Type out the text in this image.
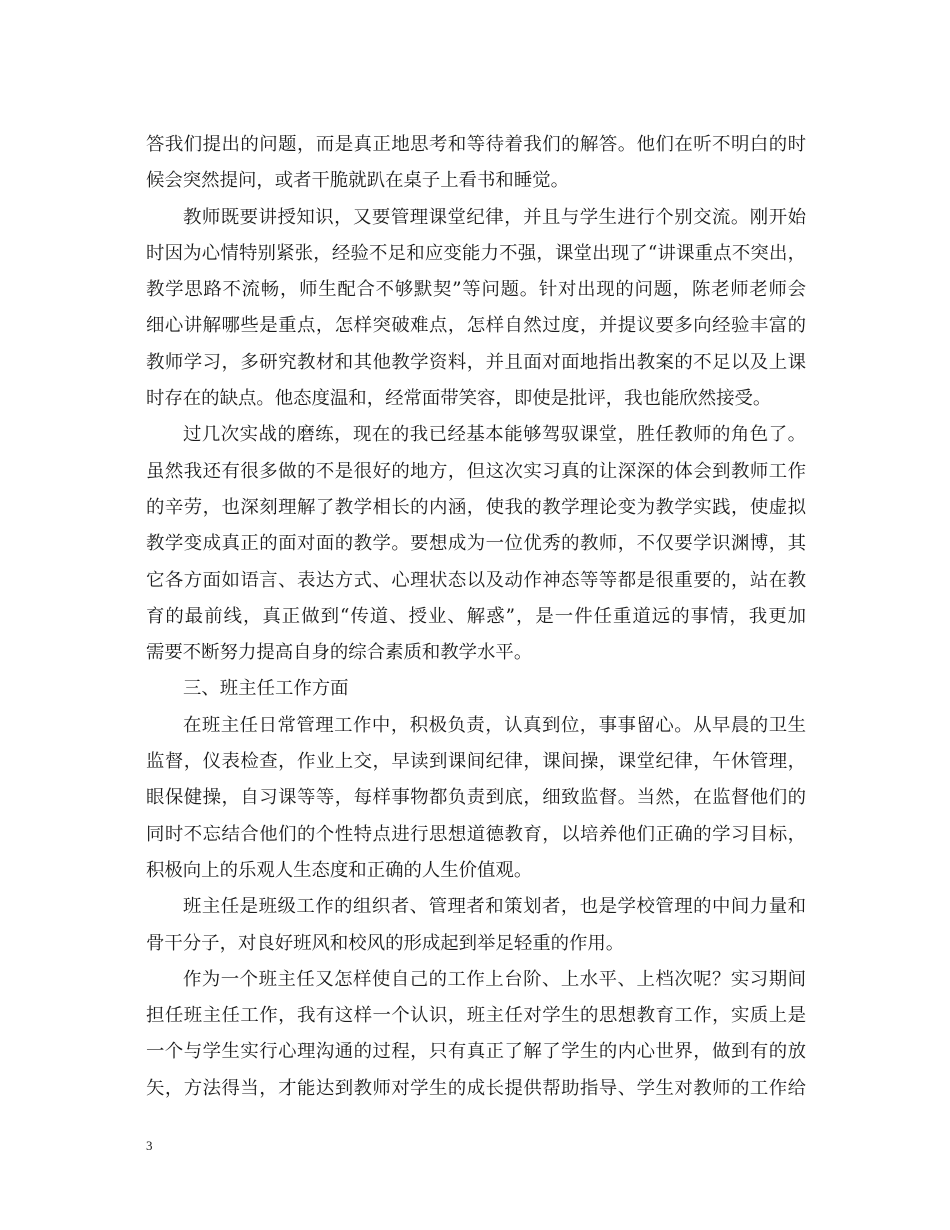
答我们提出的问题，而是真正地思考和等待着我们的解答。他们在听不明白的时
候会突然提问，或者干脆就趴在桌子上看书和睡觉。
教师既要讲授知识，又要管理课堂纪律，并且与学生进行个别交流。刚开始
时因为心情特别紧张，经验不足和应变能力不强，课堂出现了“讲课重点不突出，
教学思路不流畅，师生配合不够默契”等问题。针对出现的问题，陈老师老师会
细心讲解哪些是重点，怎样突破难点，怎样自然过度，并提议要多向经验丰富的
教师学习，多研究教材和其他教学资料，并且面对面地指出教案的不足以及上课
时存在的缺点。他态度温和，经常面带笑容，即使是批评，我也能欣然接受。
过几次实战的磨练，现在的我已经基本能够驾驭课堂，胜任教师的角色了。
虽然我还有很多做的不是很好的地方，但这次实习真的让深深的体会到教师工作
的辛劳，也深刻理解了教学相长的内涵，使我的教学理论变为教学实践，使虚拟
教学变成真正的面对面的教学。要想成为一位优秀的教师，不仅要学识渊博，其
它各方面如语言、表达方式、心理状态以及动作神态等等都是很重要的，站在教
育的最前线，真正做到“传道、授业、解惑”，是一件任重道远的事情，我更加
需要不断努力提高自身的综合素质和教学水平。
三、班主任工作方面
在班主任日常管理工作中，积极负责，认真到位，事事留心。从早晨的卫生
监督，仪表检查，作业上交，早读到课间纪律，课间操，课堂纪律，午休管理，
眼保健操，自习课等等，每样事物都负责到底，细致监督。当然，在监督他们的
同时不忘结合他们的个性特点进行思想道德教育，以培养他们正确的学习目标，
积极向上的乐观人生态度和正确的人生价值观。
班主任是班级工作的组织者、管理者和策划者，也是学校管理的中间力量和
骨干分子，对良好班风和校风的形成起到举足轻重的作用。
作为一个班主任又怎样使自己的工作上台阶、上水平、上档次呢？实习期间
担任班主任工作，我有这样一个认识，班主任对学生的思想教育工作，实质上是
一个与学生实行心理沟通的过程，只有真正了解了学生的内心世界，做到有的放
矢，方法得当，才能达到教师对学生的成长提供帮助指导、学生对教师的工作给
3
